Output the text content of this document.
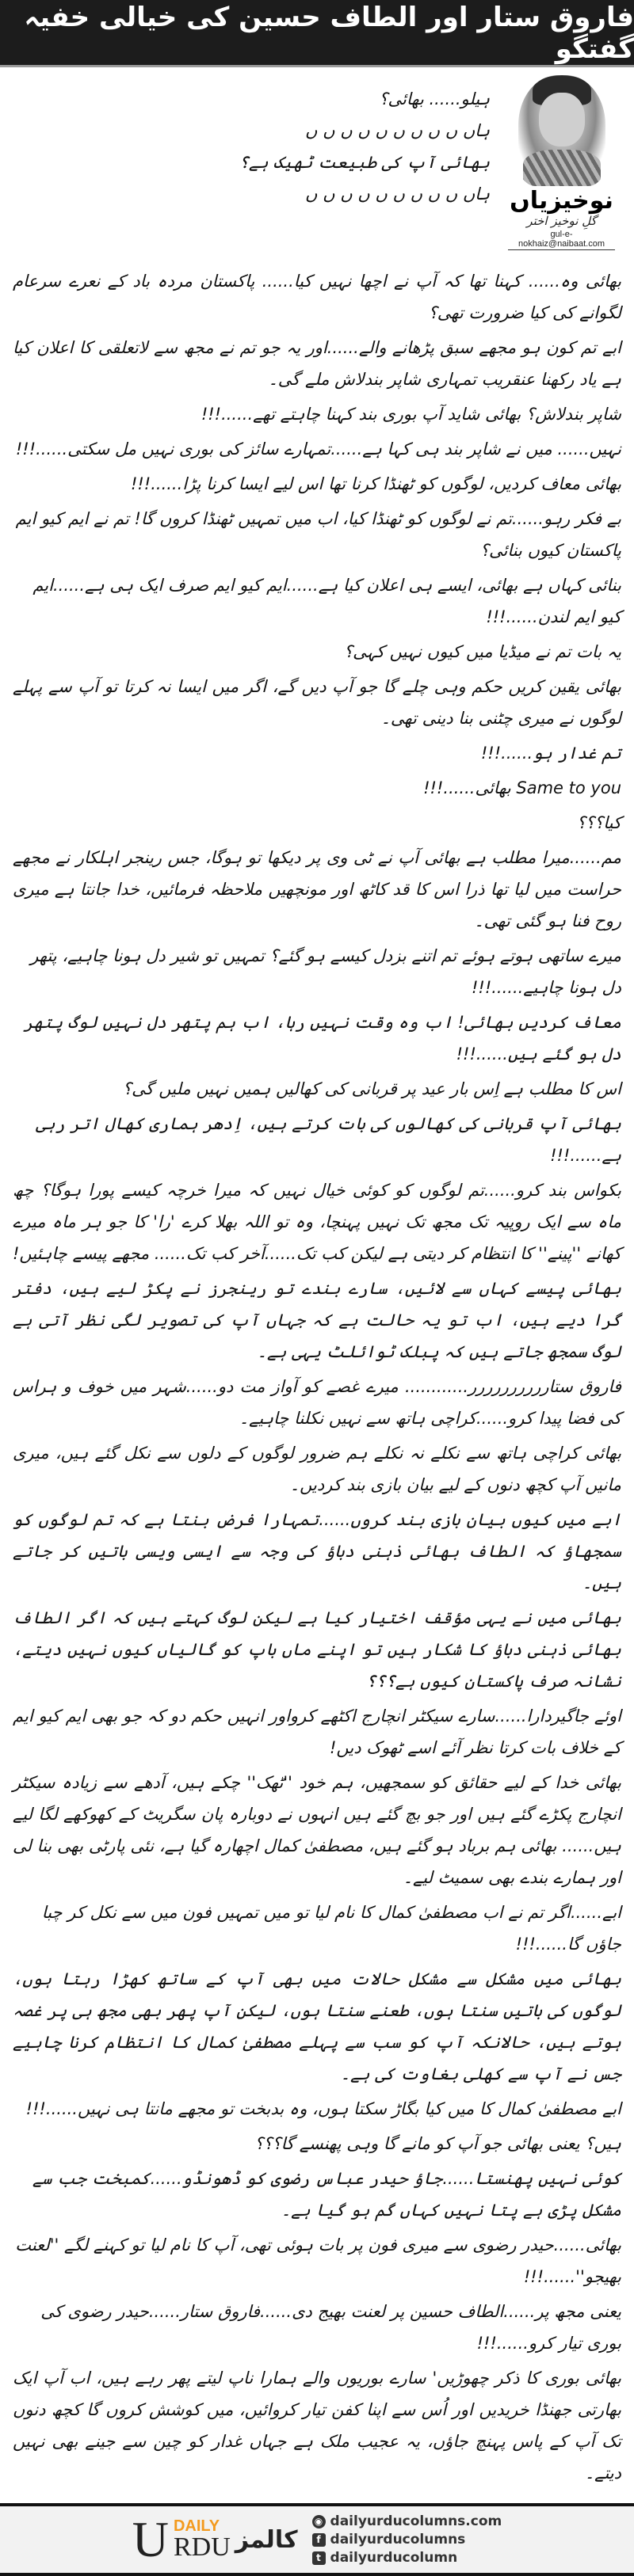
فاروق ستار اور الطاف حسین کی خیالی خفیہ گفتگو
نوخیزیاں
گلِ نوخیز اختر
gul-e-nokhaiz@naibaat.com

ہیلو...... بھائی؟

ہاں ں ں ں ں ں ں ں ں ں

بھائی آپ کی طبیعت ٹھیک ہے؟

ہاں ں ں ں ں ں ں ں ں ں

بھائی وہ...... کہنا تھا کہ آپ نے اچھا نہیں کیا...... پاکستان مردہ باد کے نعرے سرعام لگوانے کی کیا ضرورت تھی؟

ابے تم کون ہو مجھے سبق پڑھانے والے......اور یہ جو تم نے مجھ سے لاتعلقی کا اعلان کیا ہے یاد رکھنا عنقریب تمہاری شاپر بندلاش ملے گی۔

شاپر بندلاش؟ بھائی شاید آپ بوری بند کہنا چاہتے تھے......!!!

نہیں...... میں نے شاپر بند ہی کہا ہے......تمہارے سائز کی بوری نہیں مل سکتی......!!!

بھائی معاف کردیں، لوگوں کو ٹھنڈا کرنا تھا اس لیے ایسا کرنا پڑا......!!!

بے فکر رہو......تم نے لوگوں کو ٹھنڈا کیا، اب میں تمہیں ٹھنڈا کروں گا! تم نے ایم کیو ایم پاکستان کیوں بنائی؟

بنائی کہاں ہے بھائی، ایسے ہی اعلان کیا ہے......ایم کیو ایم صرف ایک ہی ہے......ایم کیو ایم لندن......!!!

یہ بات تم نے میڈیا میں کیوں نہیں کہی؟

بھائی یقین کریں حکم وہی چلے گا جو آپ دیں گے، اگر میں ایسا نہ کرتا تو آپ سے پہلے لوگوں نے میری چٹنی بنا دینی تھی۔

تم غدار ہو......!!!

Same to you بھائی......!!!

کیا؟؟؟

مم......میرا مطلب ہے بھائی آپ نے ٹی وی پر دیکھا تو ہوگا، جس رینجر اہلکار نے مجھے حراست میں لیا تھا ذرا اس کا قد کاٹھ اور مونچھیں ملاحظہ فرمائیں، خدا جانتا ہے میری روح فنا ہو گئی تھی۔

میرے ساتھی ہوتے ہوئے تم اتنے بزدل کیسے ہو گئے؟ تمہیں تو شیر دل ہونا چاہیے، پتھر دل ہونا چاہیے......!!!

معاف کردیں بھائی! اب وہ وقت نہیں رہا، اب ہم پتھر دل نہیں لوگ پتھر دل ہو گئے ہیں......!!!

اس کا مطلب ہے اِس بار عید پر قربانی کی کھالیں ہمیں نہیں ملیں گی؟

بھائی آپ قربانی کی کھالوں کی بات کرتے ہیں، اِدھر ہماری کھال اتر رہی ہے......!!!

بکواس بند کرو......تم لوگوں کو کوئی خیال نہیں کہ میرا خرچہ کیسے پورا ہوگا؟ چھ ماہ سے ایک روپیہ تک مجھ تک نہیں پہنچا، وہ تو اللہ بھلا کرے 'را' کا جو ہر ماہ میرے کھانے ''پینے'' کا انتظام کر دیتی ہے لیکن کب تک......آخر کب تک...... مجھے پیسے چاہئیں!

بھائی پیسے کہاں سے لائیں، سارے بندے تو رینجرز نے پکڑ لیے ہیں، دفتر گرا دیے ہیں، اب تو یہ حالت ہے کہ جہاں آپ کی تصویر لگی نظر آتی ہے لوگ سمجھ جاتے ہیں کہ پبلک ٹوائلٹ یہی ہے۔

فاروق ستارررررررررر............ میرے غصے کو آواز مت دو......شہر میں خوف و ہراس کی فضا پیدا کرو......کراچی ہاتھ سے نہیں نکلنا چاہیے۔

بھائی کراچی ہاتھ سے نکلے نہ نکلے ہم ضرور لوگوں کے دلوں سے نکل گئے ہیں، میری مانیں آپ کچھ دنوں کے لیے بیان بازی بند کردیں۔

ابے میں کیوں بیان بازی بند کروں......تمہارا فرض بنتا ہے کہ تم لوگوں کو سمجھاؤ کہ الطاف بھائی ذہنی دباؤ کی وجہ سے ایسی ویسی باتیں کر جاتے ہیں۔

بھائی میں نے یہی مؤقف اختیار کیا ہے لیکن لوگ کہتے ہیں کہ اگر الطاف بھائی ذہنی دباؤ کا شکار ہیں تو اپنے ماں باپ کو گالیاں کیوں نہیں دیتے، نشانہ صرف پاکستان کیوں ہے؟؟؟

اوئے جاگیردارا......سارے سیکٹر انچارج اکٹھے کرواور انہیں حکم دو کہ جو بھی ایم کیو ایم کے خلاف بات کرتا نظر آئے اسے ٹھوک دیں!

بھائی خدا کے لیے حقائق کو سمجھیں، ہم خود ''ٹھک'' چکے ہیں، آدھے سے زیادہ سیکٹر انچارج پکڑے گئے ہیں اور جو بچ گئے ہیں انہوں نے دوبارہ پان سگریٹ کے کھوکھے لگا لیے ہیں...... بھائی ہم برباد ہو گئے ہیں، مصطفیٰ کمال اچھارہ گیا ہے، نئی پارٹی بھی بنا لی اور ہمارے بندے بھی سمیٹ لیے۔

ابے......اگر تم نے اب مصطفیٰ کمال کا نام لیا تو میں تمہیں فون میں سے نکل کر چبا جاؤں گا......!!!

بھائی میں مشکل سے مشکل حالات میں بھی آپ کے ساتھ کھڑا رہتا ہوں، لوگوں کی باتیں سنتا ہوں، طعنے سنتا ہوں، لیکن آپ پھر بھی مجھ ہی پر غصہ ہوتے ہیں، حالانکہ آپ کو سب سے پہلے مصطفیٰ کمال کا انتظام کرنا چاہیے جس نے آپ سے کھلی بغاوت کی ہے۔

ابے مصطفیٰ کمال کا میں کیا بگاڑ سکتا ہوں، وہ بدبخت تو مجھے مانتا ہی نہیں......!!!

ہیں؟ یعنی بھائی جو آپ کو مانے گا وہی پھنسے گا؟؟؟

کوئی نہیں پھنستا......جاؤ حیدر عباس رضوی کو ڈھونڈو......کمبخت جب سے مشکل پڑی ہے پتا نہیں کہاں گم ہو گیا ہے۔

بھائی......حیدر رضوی سے میری فون پر بات ہوئی تھی، آپ کا نام لیا تو کہنے لگے ''لعنت بھیجو''......!!!

یعنی مجھ پر......الطاف حسین پر لعنت بھیج دی......فاروق ستار......حیدر رضوی کی بوری تیار کرو......!!!

بھائی بوری کا ذکر چھوڑیں' سارے بوریوں والے ہمارا ناپ لیتے پھر رہے ہیں، اب آپ ایک بھارتی جھنڈا خریدیں اور اُس سے اپنا کفن تیار کروائیں، میں کوشش کروں گا کچھ دنوں تک آپ کے پاس پہنچ جاؤں، یہ عجیب ملک ہے جہاں غدار کو چین سے جینے بھی نہیں دیتے۔

U DAILY
RDU کالمز
◉ dailyurducolumns.com
f dailyurducolumns
t dailyurducolumn
